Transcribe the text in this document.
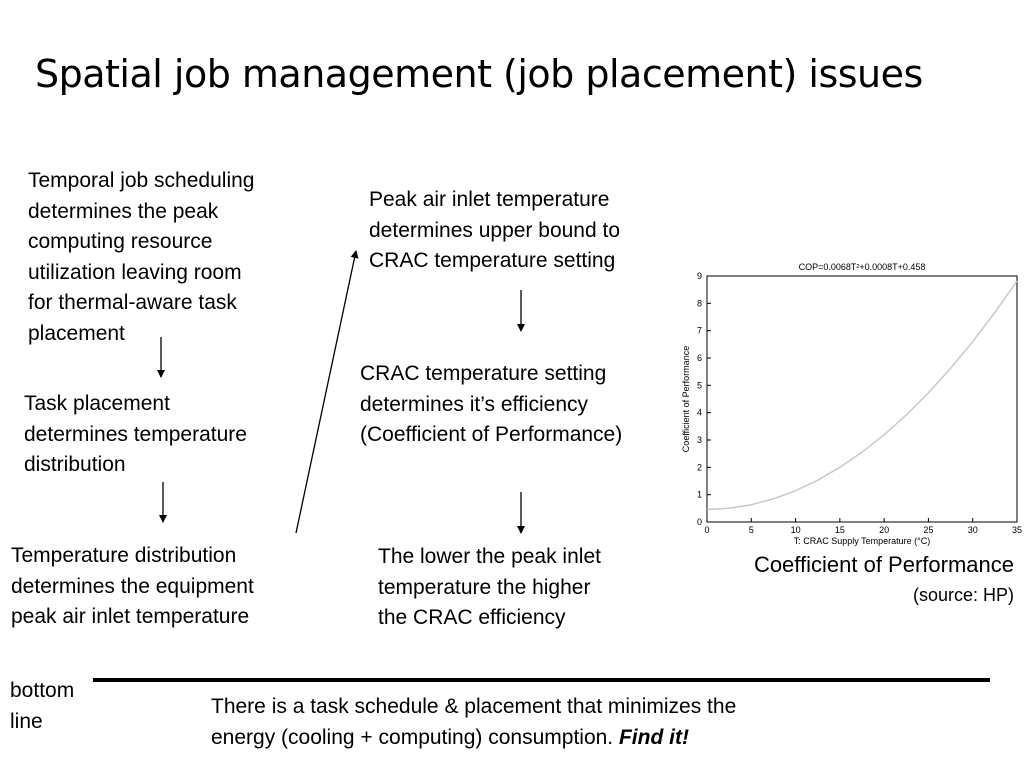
Spatial job management (job placement) issues
Temporal job scheduling
determines the peak
computing resource
utilization leaving room
for thermal-aware task
placement
Task placement
determines temperature
distribution
Temperature distribution
determines the equipment
peak air inlet temperature
Peak air inlet temperature
determines upper bound to
CRAC temperature setting
CRAC temperature setting
determines it’s efficiency
(Coefficient of Performance)
The lower the peak inlet
temperature the higher
the CRAC efficiency
COP=0.0068T²+0.0008T+0.458
0	5	10	15	20	25	30	35
0
1
2
3
4
5
6
7
8
9
T: CRAC Supply Temperature (°C)
Coefficient of Performance
Coefficient of Performance
(source: HP)
bottom
line
There is a task schedule & placement that minimizes the
energy (cooling + computing) consumption. Find it!
